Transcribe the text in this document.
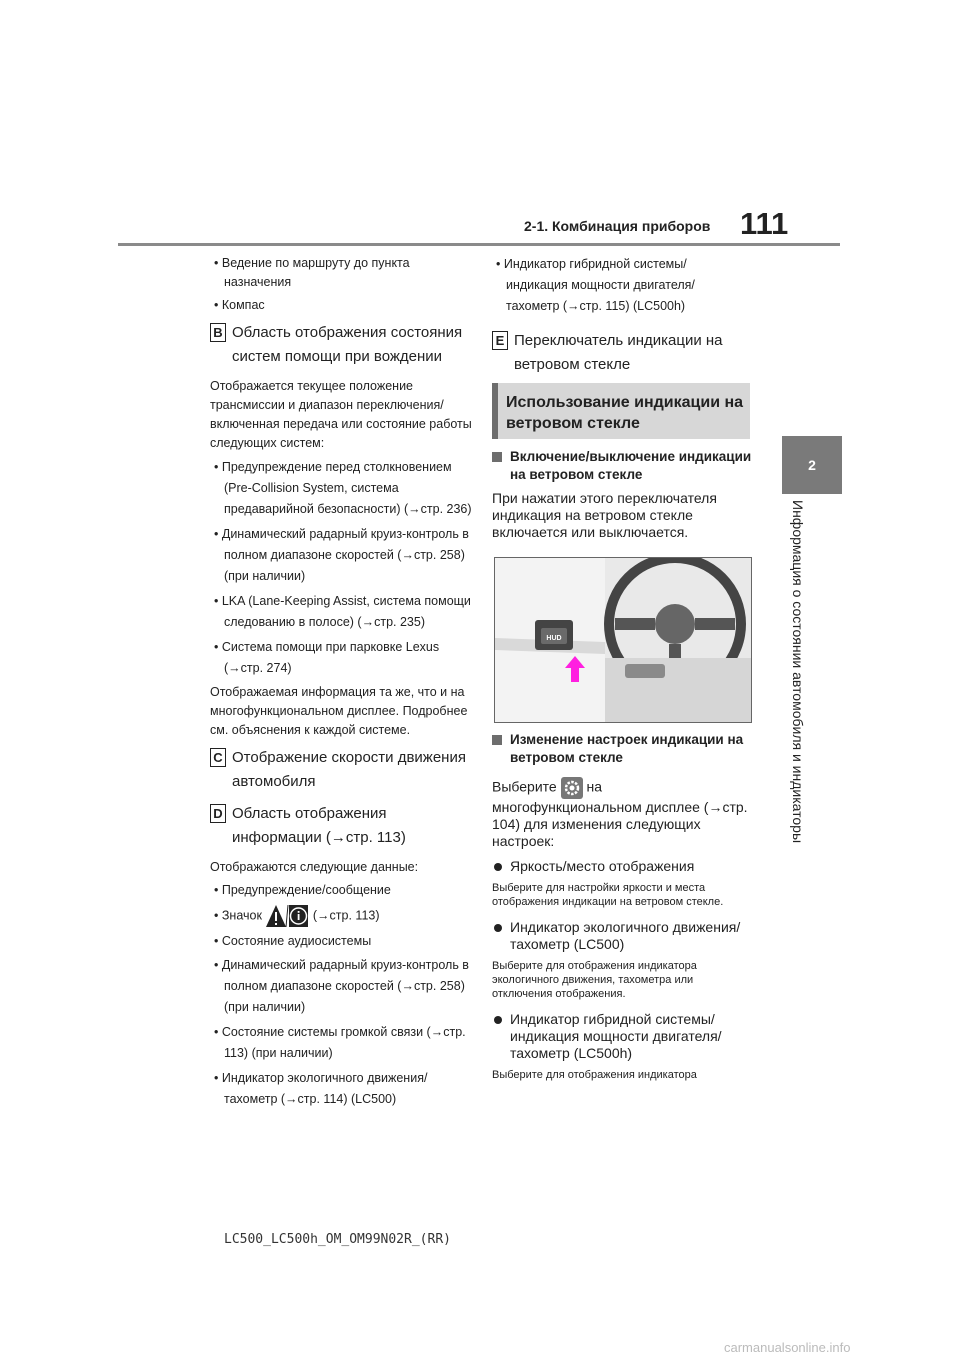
2-1. Комбинация приборов 111
2
Информация о состоянии автомобиля и индикаторы
• Ведение по маршруту до пункта назначения
• Компас
B Область отображения состояния систем помощи при вождении
Отображается текущее положение трансмиссии и диапазон переключения/включенная передача или состояние работы следующих систем:
• Предупреждение перед столкновением (Pre-Collision System, система предаварийной безопасности) (→стр. 236)
• Динамический радарный круиз-контроль в полном диапазоне скоростей (→стр. 258) (при наличии)
• LKA (Lane-Keeping Assist, система помощи следованию в полосе) (→стр. 235)
• Система помощи при парковке Lexus (→стр. 274)
Отображаемая информация та же, что и на многофункциональном дисплее. Подробнее см. объяснения к каждой системе.
C Отображение скорости движения автомобиля
D Область отображения информации (→стр. 113)
Отображаются следующие данные:
• Предупреждение/сообщение
• Значок	(→стр. 113)
• Состояние аудиосистемы
• Динамический радарный круиз-контроль в полном диапазоне скоростей (→стр. 258) (при наличии)
• Состояние системы громкой связи (→стр. 113) (при наличии)
• Индикатор экологичного движения/тахометр (→стр. 114) (LC500)
• Индикатор гибридной системы/индикация мощности двигателя/тахометр (→стр. 115) (LC500h)
E Переключатель индикации на ветровом стекле
Использование индикации на ветровом стекле
Включение/выключение индикации на ветровом стекле
При нажатии этого переключателя индикация на ветровом стекле включается или выключается.
HUD
Изменение настроек индикации на ветровом стекле
Выберите  на многофункциональном дисплее (→стр. 104) для изменения следующих настроек:
Яркость/место отображения
Выберите для настройки яркости и места отображения индикации на ветровом стекле.
Индикатор экологичного движения/тахометр (LC500)
Выберите для отображения индикатора экологичного движения, тахометра или отключения отображения.
Индикатор гибридной системы/индикация мощности двигателя/тахометр (LC500h)
Выберите для отображения индикатора
LC500_LC500h_OM_OM99N02R_(RR)
carmanualsonline.info
